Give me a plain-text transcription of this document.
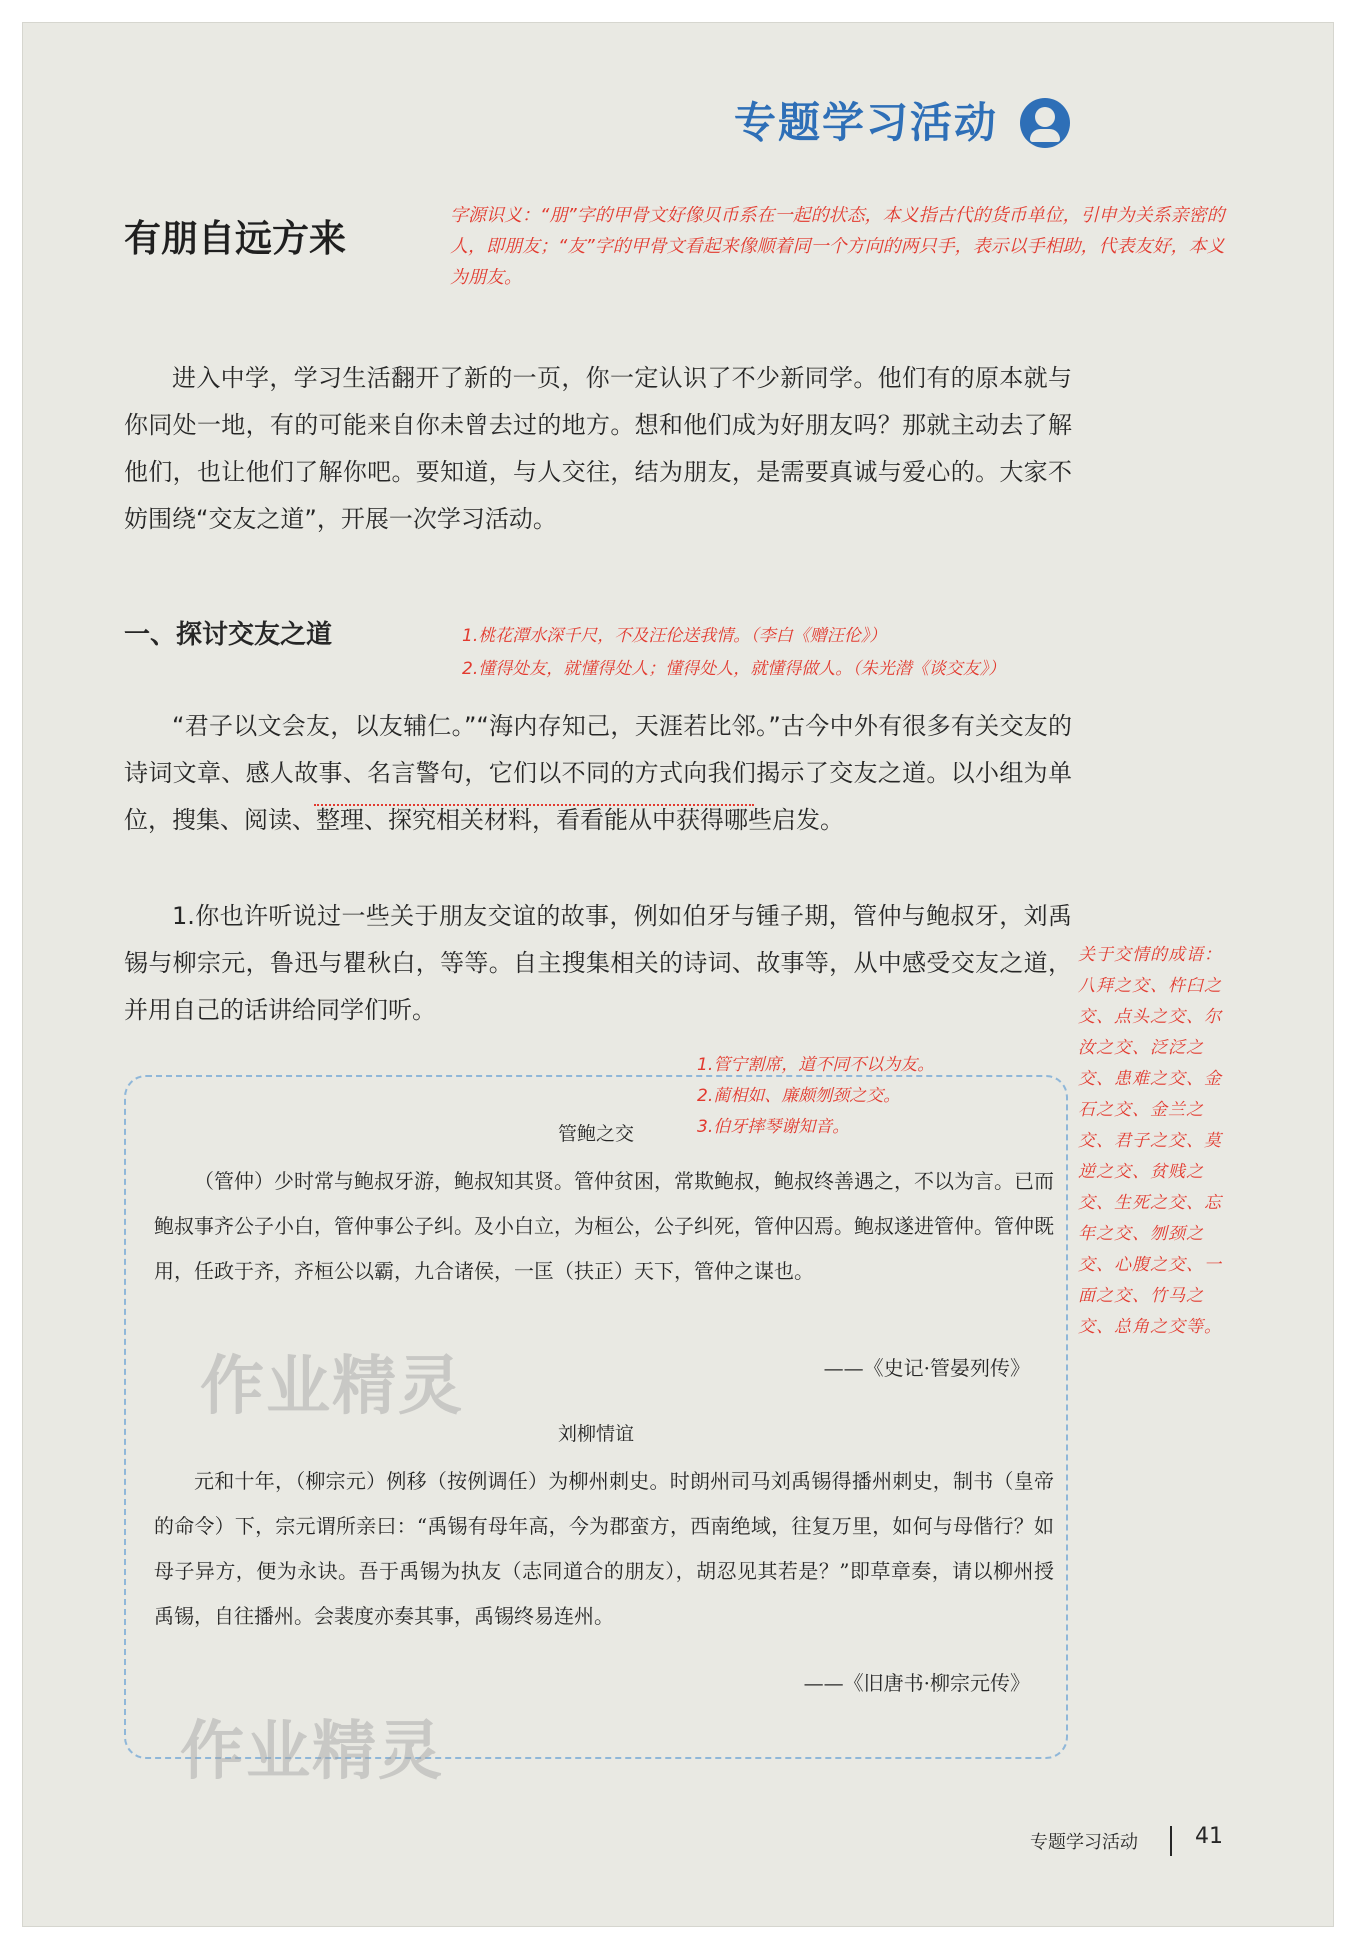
专题学习活动
有朋自远方来
字源识义：“朋”字的甲骨文好像贝币系在一起的状态，本义指古代的货币单位，引申为关系亲密的人，即朋友；“友”字的甲骨文看起来像顺着同一个方向的两只手，表示以手相助，代表友好，本义为朋友。

进入中学，学习生活翻开了新的一页，你一定认识了不少新同学。他们有的原本就与你同处一地，有的可能来自你未曾去过的地方。想和他们成为好朋友吗？那就主动去了解他们，也让他们了解你吧。要知道，与人交往，结为朋友，是需要真诚与爱心的。大家不妨围绕“交友之道”，开展一次学习活动。

一、探讨交友之道	1.桃花潭水深千尺，不及汪伦送我情。（李白《赠汪伦》）
2.懂得处友，就懂得处人；懂得处人，就懂得做人。（朱光潜《谈交友》）

“君子以文会友，以友辅仁。”“海内存知己，天涯若比邻。”古今中外有很多有关交友的诗词文章、感人故事、名言警句，它们以不同的方式向我们揭示了交友之道。以小组为单位，搜集、阅读、整理、探究相关材料，看看能从中获得哪些启发。

1.你也许听说过一些关于朋友交谊的故事，例如伯牙与锺子期，管仲与鲍叔牙，刘禹锡与柳宗元，鲁迅与瞿秋白，等等。自主搜集相关的诗词、故事等，从中感受交友之道，并用自己的话讲给同学们听。

关于交情的成语：八拜之交、杵臼之交、点头之交、尔汝之交、泛泛之交、患难之交、金石之交、金兰之交、君子之交、莫逆之交、贫贱之交、生死之交、忘年之交、刎颈之交、心腹之交、一面之交、竹马之交、总角之交等。
管鲍之交

（管仲）少时常与鲍叔牙游，鲍叔知其贤。管仲贫困，常欺鲍叔，鲍叔终善遇之，不以为言。已而鲍叔事齐公子小白，管仲事公子纠。及小白立，为桓公，公子纠死，管仲囚焉。鲍叔遂进管仲。管仲既用，任政于齐，齐桓公以霸，九合诸侯，一匡（扶正）天下，管仲之谋也。

——《史记·管晏列传》
刘柳情谊

元和十年，（柳宗元）例移（按例调任）为柳州刺史。时朗州司马刘禹锡得播州刺史，制书（皇帝的命令）下，宗元谓所亲曰：“禹锡有母年高，今为郡蛮方，西南绝域，往复万里，如何与母偕行？如母子异方，便为永诀。吾于禹锡为执友（志同道合的朋友），胡忍见其若是？”即草章奏，请以柳州授禹锡，自往播州。会裴度亦奏其事，禹锡终易连州。

——《旧唐书·柳宗元传》
1.管宁割席，道不同不以为友。
2.蔺相如、廉颇刎颈之交。
3.伯牙摔琴谢知音。
作业精灵
作业精灵
专题学习活动	41
